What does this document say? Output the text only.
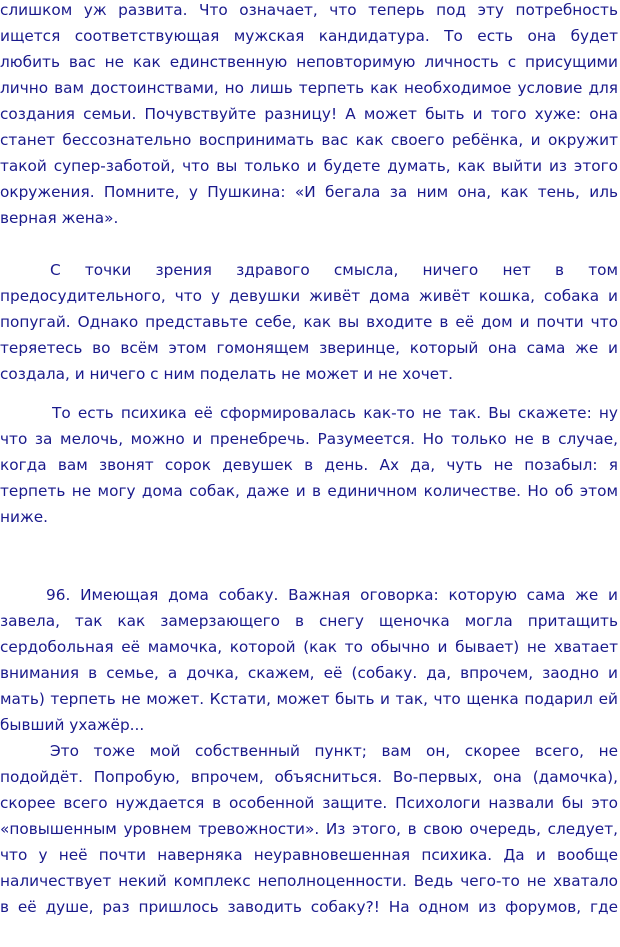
слишком уж развита. Что означает, что теперь под эту потребность
ищется соответствующая мужская кандидатура. То есть она будет
любить вас не как единственную неповторимую личность с присущими
лично вам достоинствами, но лишь терпеть как необходимое условие для
создания семьи. Почувствуйте разницу! А может быть и того хуже: она
станет бессознательно воспринимать вас как своего ребёнка, и окружит
такой супер-заботой, что вы только и будете думать, как выйти из этого
окружения. Помните, у Пушкина: «И бегала за ним она, как тень, иль
верная жена».
С точки зрения здравого смысла, ничего нет в том
предосудительного, что у девушки живёт дома живёт кошка, собака и
попугай. Однако представьте себе, как вы входите в её дом и почти что
теряетесь во всём этом гомонящем зверинце, который она сама же и
создала, и ничего с ним поделать не может и не хочет.
То есть психика её сформировалась как-то не так. Вы скажете: ну
что за мелочь, можно и пренебречь. Разумеется. Но только не в случае,
когда вам звонят сорок девушек в день. Ах да, чуть не позабыл: я
терпеть не могу дома собак, даже и в единичном количестве. Но об этом
ниже.
96. Имеющая дома собаку. Важная оговорка: которую сама же и
завела, так как замерзающего в снегу щеночка могла притащить
сердобольная её мамочка, которой (как то обычно и бывает) не хватает
внимания в семье, а дочка, скажем, её (собаку. да, впрочем, заодно и
мать) терпеть не может. Кстати, может быть и так, что щенка подарил ей
бывший ухажёр...
Это тоже мой собственный пункт; вам он, скорее всего, не
подойдёт. Попробую, впрочем, объясниться. Во-первых, она (дамочка),
скорее всего нуждается в особенной защите. Психологи назвали бы это
«повышенным уровнем тревожности». Из этого, в свою очередь, следует,
что у неё почти наверняка неуравновешенная психика. Да и вообще
наличествует некий комплекс неполноценности. Ведь чего-то не хватало
в её душе, раз пришлось заводить собаку?! На одном из форумов, где
